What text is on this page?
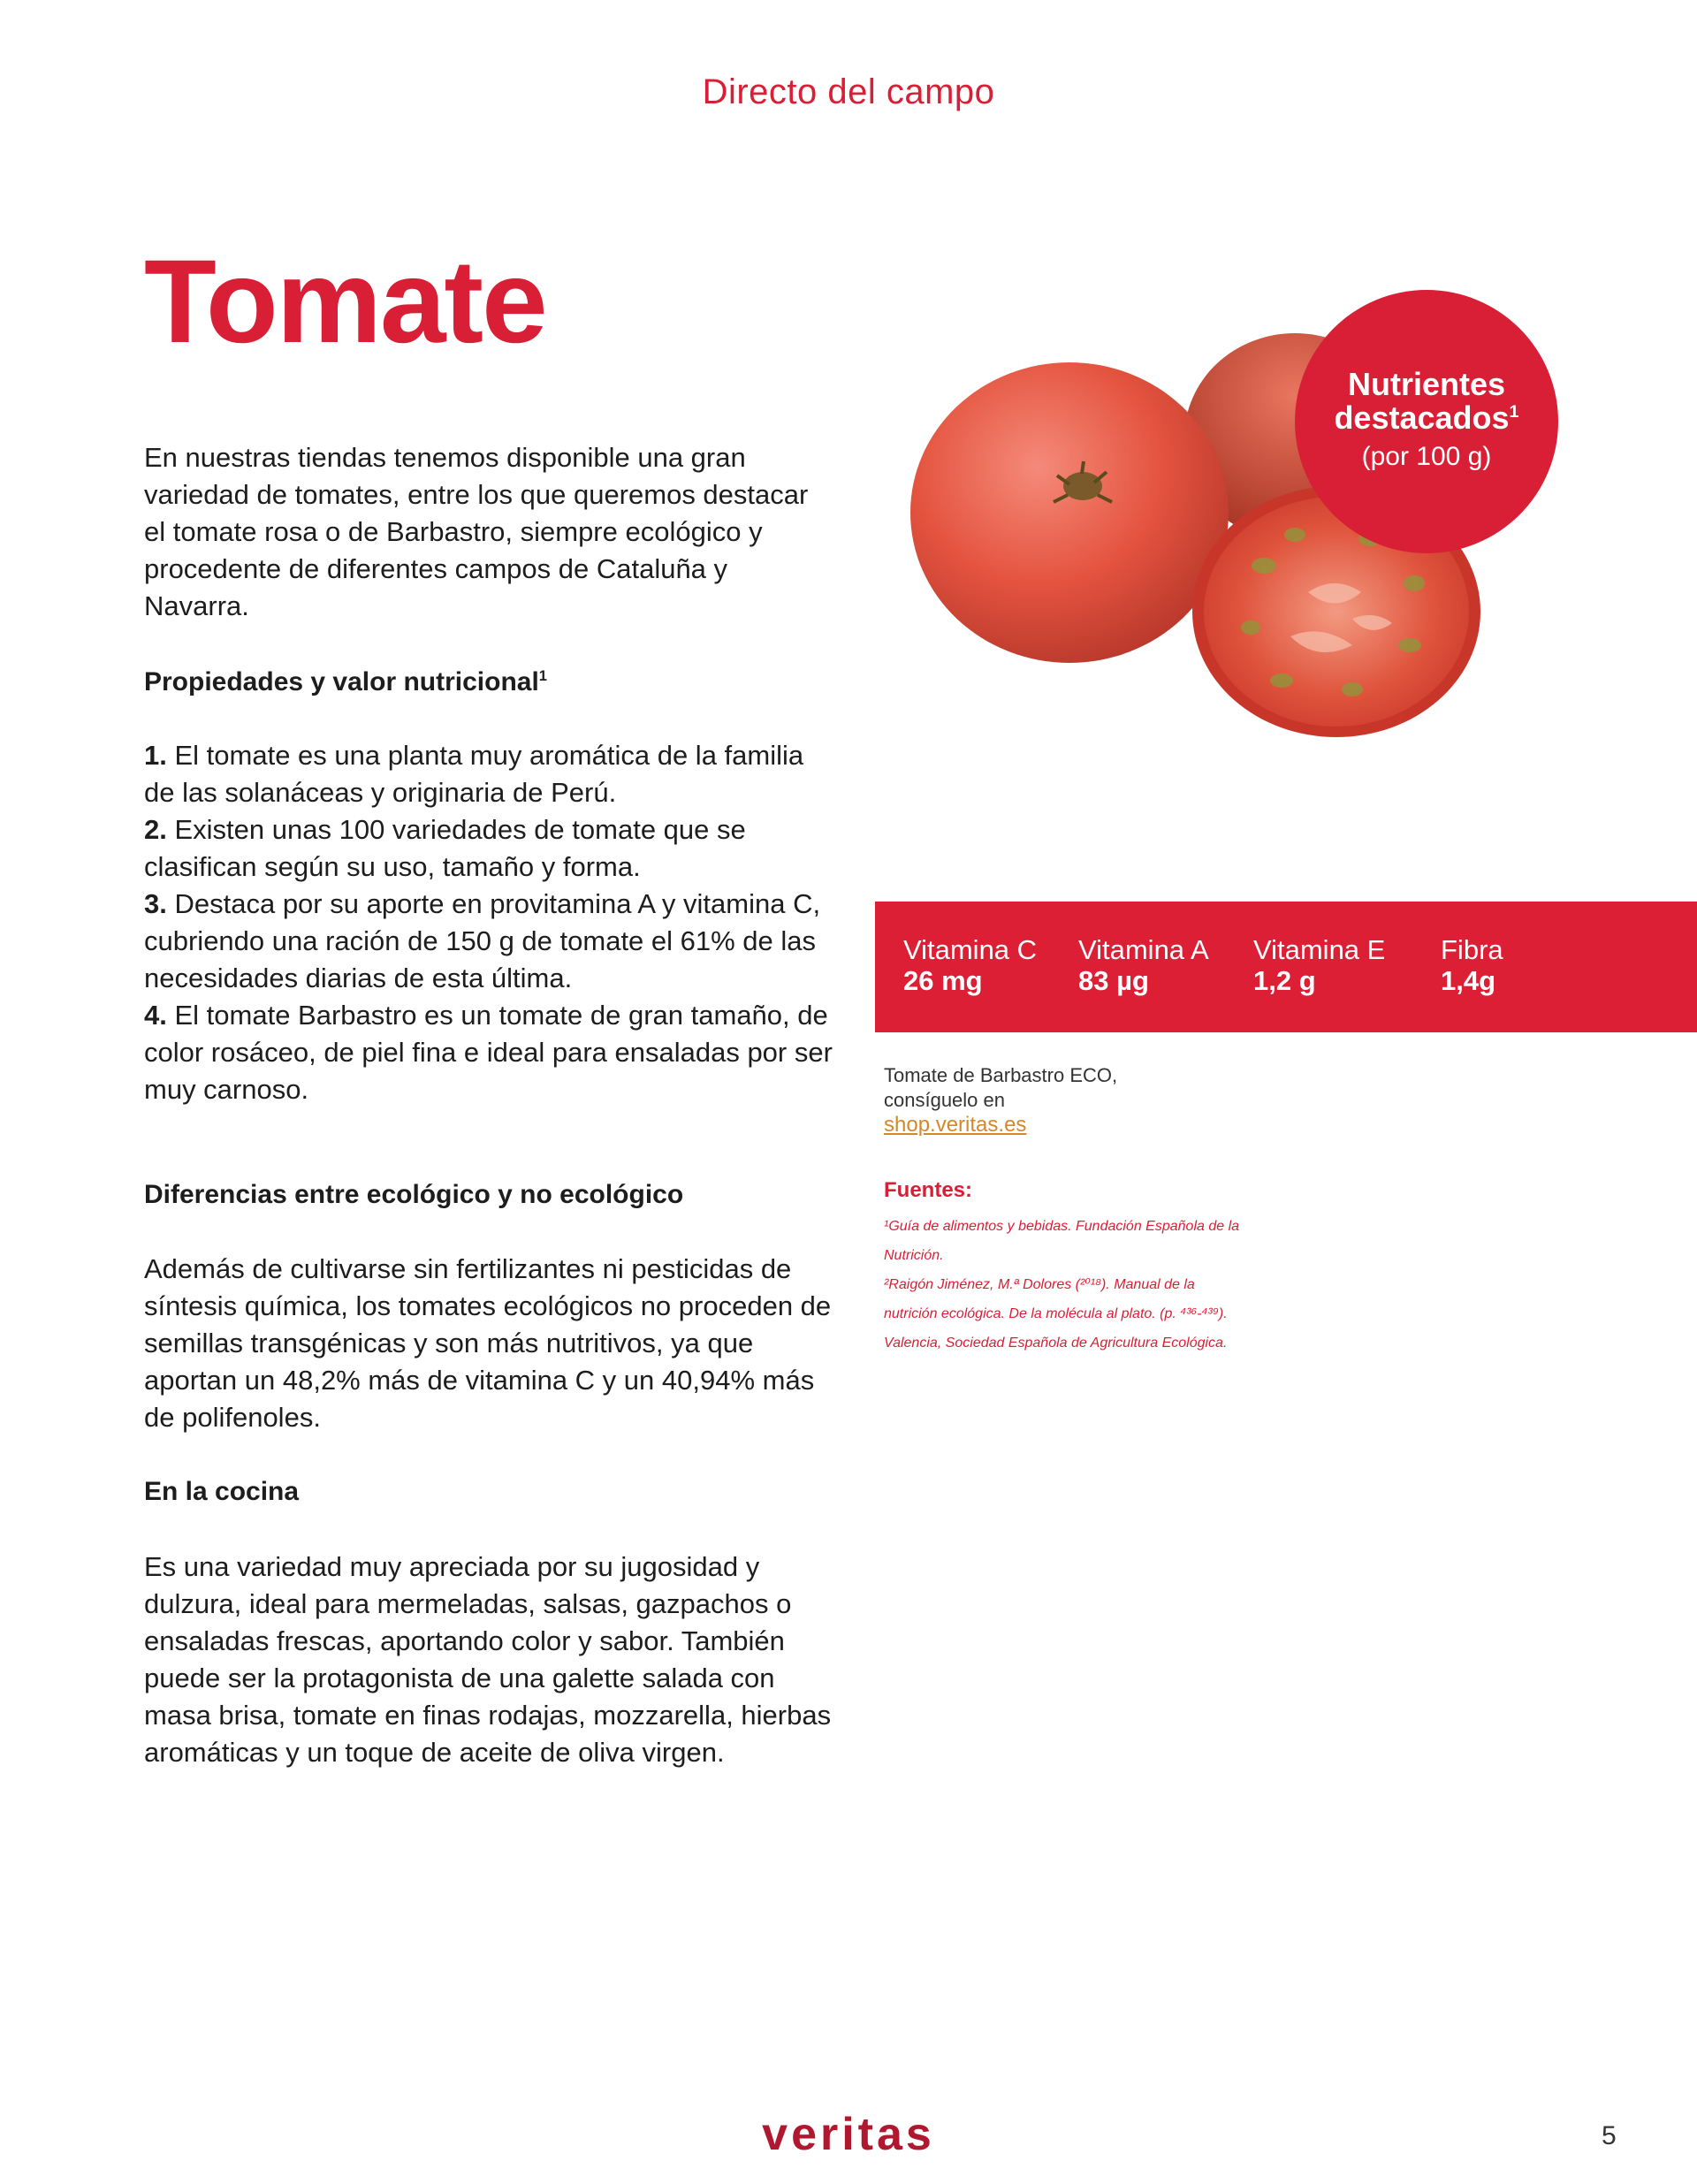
Directo del campo
Tomate

En nuestras tiendas tenemos disponible una gran variedad de tomates, entre los que queremos destacar el tomate rosa o de Barbastro, siempre ecológico y procedente de diferentes campos de Cataluña y Navarra.

Propiedades y valor nutricional$^1$

1. El tomate es una planta muy aromática de la familia de las solanáceas y originaria de Perú.

2. Existen unas 100 variedades de tomate que se clasifican según su uso, tamaño y forma.

3. Destaca por su aporte en provitamina A y vitamina C, cubriendo una ración de 150 g de tomate el 61% de las necesidades diarias de esta última.

4. El tomate Barbastro es un tomate de gran tamaño, de color rosáceo, de piel fina e ideal para ensaladas por ser muy carnoso.

Diferencias entre ecológico y no ecológico

Además de cultivarse sin fertilizantes ni pesticidas de síntesis química, los tomates ecológicos no proceden de semillas transgénicas y son más nutritivos, ya que aportan un 48,2% más de vitamina C y un 40,94% más de polifenoles.

En la cocina

Es una variedad muy apreciada por su jugosidad y dulzura, ideal para mermeladas, salsas, gazpachos o ensaladas frescas, aportando color y sabor. También puede ser la protagonista de una galette salada con masa brisa, tomate en finas rodajas, mozzarella, hierbas aromáticas y un toque de aceite de oliva virgen.

Nutrientes
destacados$^1$
(por 100 g)
Vitamina C
26 mg
Vitamina A
83 µg
Vitamina E
1,2 g
Fibra
1,4g
Tomate de Barbastro ECO,
consíguelo en
shop.veritas.es
Fuentes:
¹Guía de alimentos y bebidas. Fundación Española de la
Nutrición.
²Raigón Jiménez, M.ª Dolores (²⁰¹⁸). Manual de la
nutrición ecológica. De la molécula al plato. (p. ⁴³⁶-⁴³⁹).
Valencia, Sociedad Española de Agricultura Ecológica.
veritas	5
